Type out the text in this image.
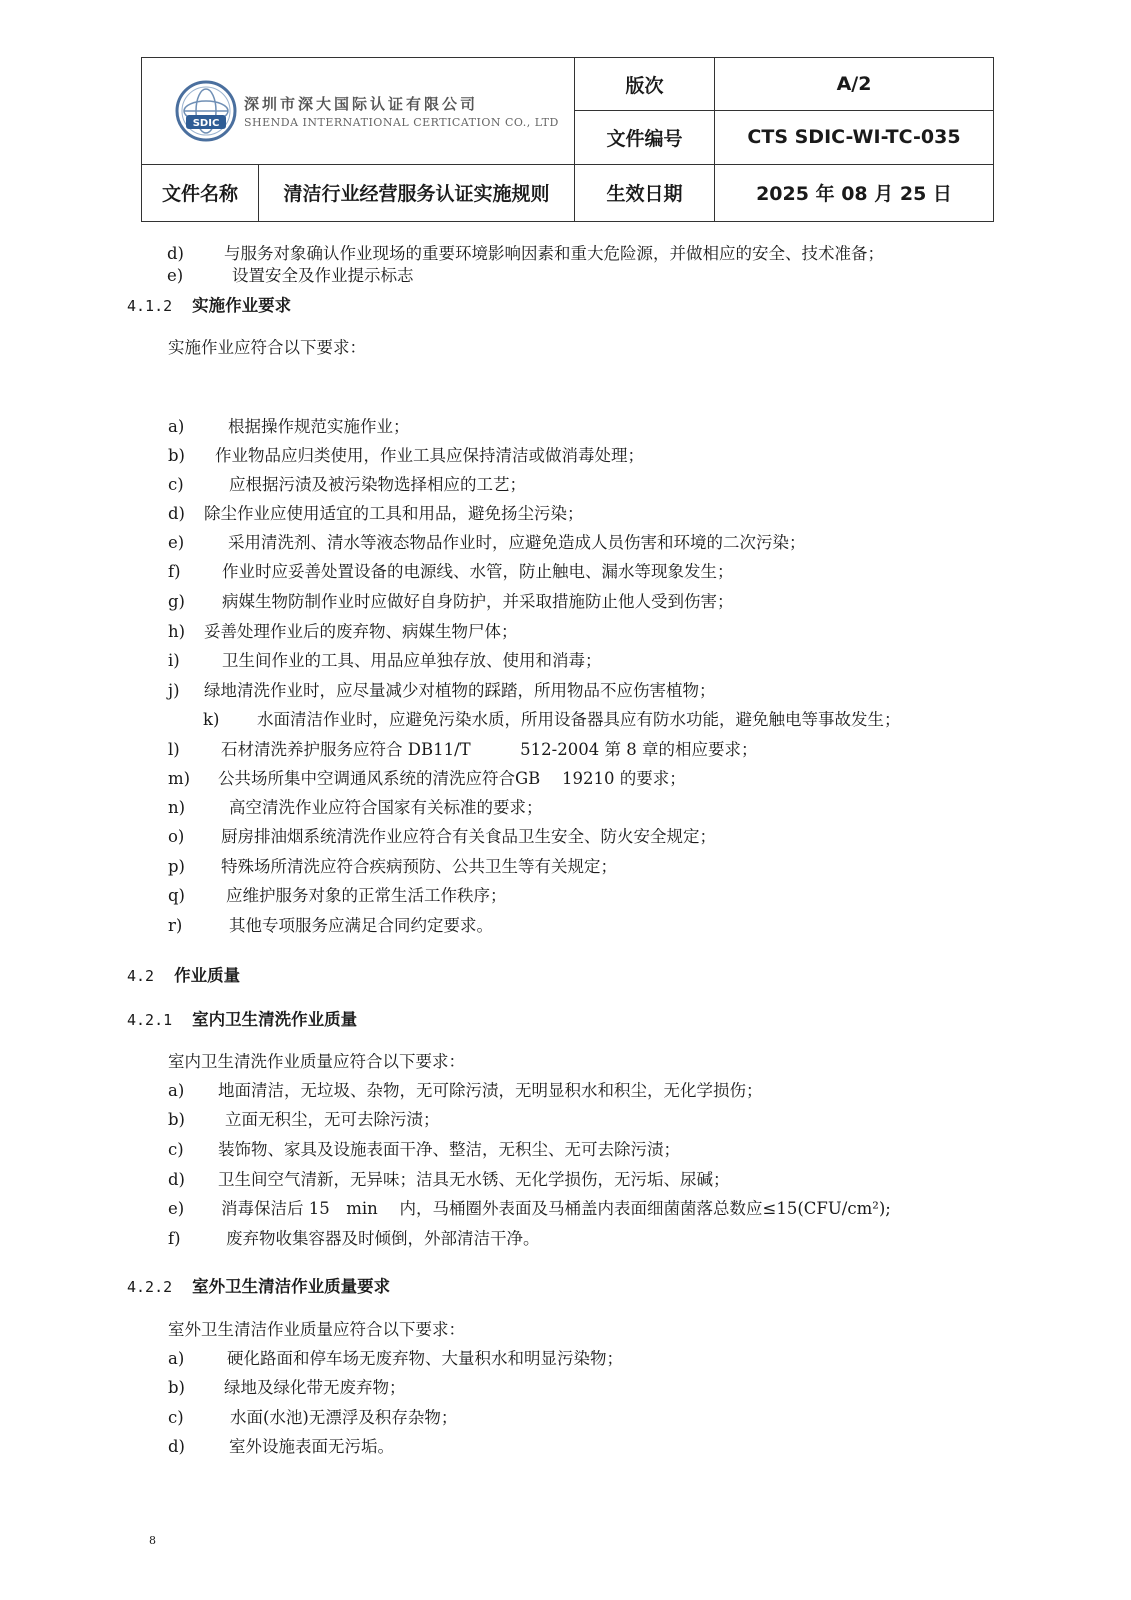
SDIC
深圳市深大国际认证有限公司
SHENDA INTERNATIONAL CERTICATION CO., LTD		版次	A/2
		文件编号	CTS SDIC-WI-TC-035
文件名称	清洁行业经营服务认证实施规则	生效日期	2025 年 08 月 25 日
d) 与服务对象确认作业现场的重要环境影响因素和重大危险源，并做相应的安全、技术准备；
e)	设置安全及作业提示标志
4.1.2 实施作业要求
实施作业应符合以下要求：
a)	根据操作规范实施作业；
b) 作业物品应归类使用，作业工具应保持清洁或做消毒处理；
c)	应根据污渍及被污染物选择相应的工艺；
d) 除尘作业应使用适宜的工具和用品，避免扬尘污染；
e)	采用清洗剂、清水等液态物品作业时，应避免造成人员伤害和环境的二次污染；
f)	作业时应妥善处置设备的电源线、水管，防止触电、漏水等现象发生；
g) 病媒生物防制作业时应做好自身防护，并采取措施防止他人受到伤害；
h) 妥善处理作业后的废弃物、病媒生物尸体；
i)	卫生间作业的工具、用品应单独存放、使用和消毒；
j) 绿地清洗作业时，应尽量减少对植物的踩踏，所用物品不应伤害植物；
k) 水面清洁作业时，应避免污染水质，所用设备器具应有防水功能，避免触电等事故发生；
l)	石材清洗养护服务应符合 DB11/T　　　512-2004 第 8 章的相应要求；
m) 公共场所集中空调通风系统的清洗应符合GB　 19210 的要求；
n)	高空清洗作业应符合国家有关标准的要求；
o) 厨房排油烟系统清洗作业应符合有关食品卫生安全、防火安全规定；
p) 特殊场所清洗应符合疾病预防、公共卫生等有关规定；
q) 应维护服务对象的正常生活工作秩序；
r)	其他专项服务应满足合同约定要求。
4.2 作业质量
4.2.1 室内卫生清洗作业质量
室内卫生清洗作业质量应符合以下要求：
a) 地面清洁，无垃圾、杂物，无可除污渍，无明显积水和积尘，无化学损伤；
b) 立面无积尘，无可去除污渍；
c) 装饰物、家具及设施表面干净、整洁，无积尘、无可去除污渍；
d) 卫生间空气清新，无异味；洁具无水锈、无化学损伤，无污垢、尿碱；
e) 消毒保洁后 15　min　 内，马桶圈外表面及马桶盖内表面细菌菌落总数应≤15(CFU/cm²);
f)	废弃物收集容器及时倾倒，外部清洁干净。
4.2.2 室外卫生清洁作业质量要求
室外卫生清洁作业质量应符合以下要求：
a)	硬化路面和停车场无废弃物、大量积水和明显污染物；
b) 绿地及绿化带无废弃物；
c)	水面(水池)无漂浮及积存杂物；
d)	室外设施表面无污垢。
8
